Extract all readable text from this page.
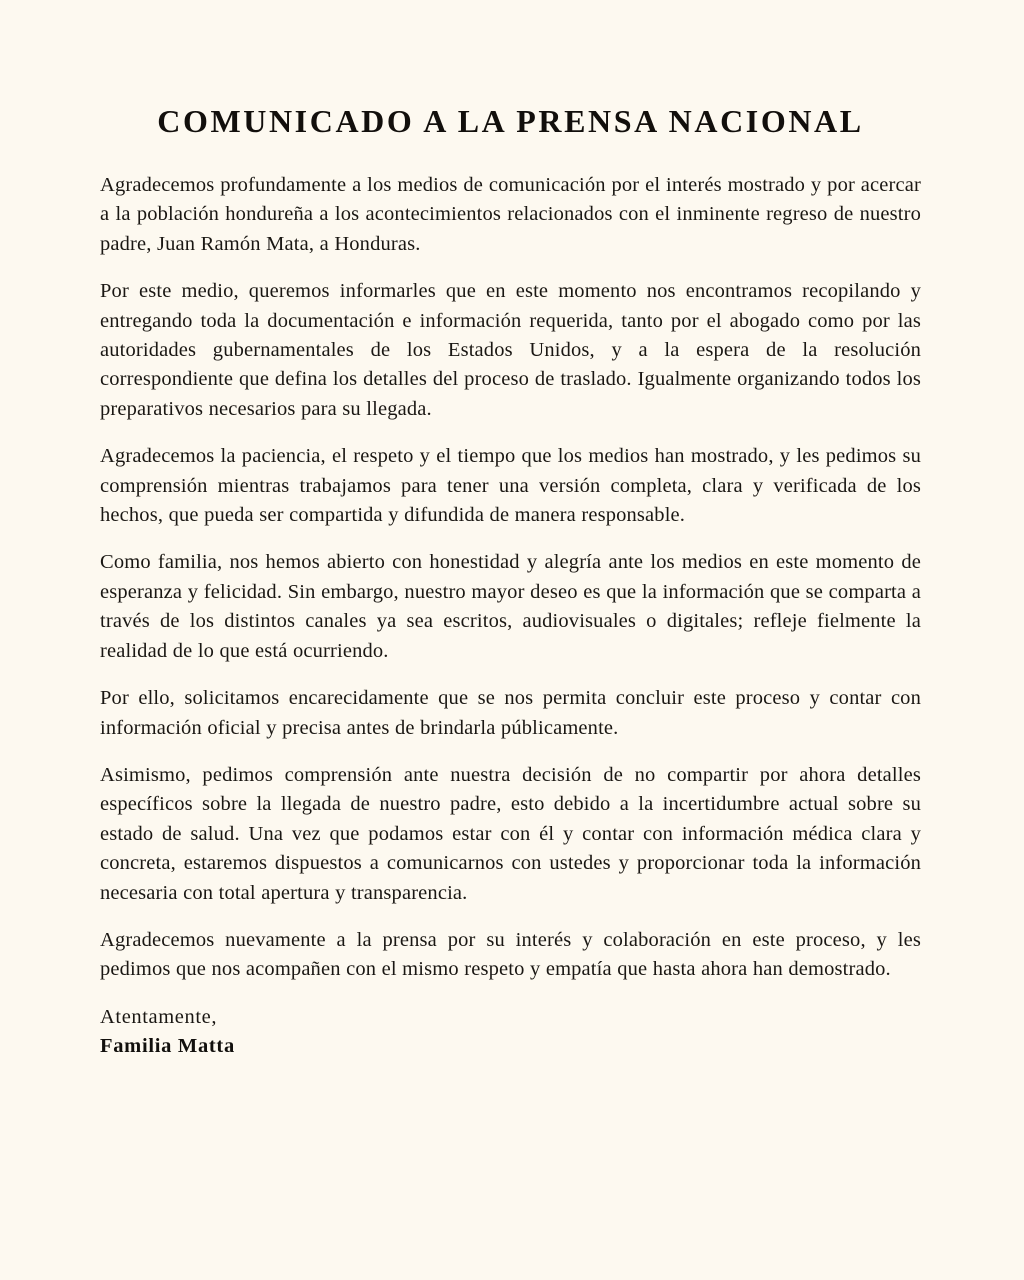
COMUNICADO A LA PRENSA NACIONAL

Agradecemos profundamente a los medios de comunicación por el interés mostrado y por acercar a la población hondureña a los acontecimientos relacionados con el inminente regreso de nuestro padre, Juan Ramón Mata, a Honduras.

Por este medio, queremos informarles que en este momento nos encontramos recopilando y entregando toda la documentación e información requerida, tanto por el abogado como por las autoridades gubernamentales de los Estados Unidos, y a la espera de la resolución correspondiente que defina los detalles del proceso de traslado. Igualmente organizando todos los preparativos necesarios para su llegada.

Agradecemos la paciencia, el respeto y el tiempo que los medios han mostrado, y les pedimos su comprensión mientras trabajamos para tener una versión completa, clara y verificada de los hechos, que pueda ser compartida y difundida de manera responsable.

Como familia, nos hemos abierto con honestidad y alegría ante los medios en este momento de esperanza y felicidad. Sin embargo, nuestro mayor deseo es que la información que se comparta a través de los distintos canales ya sea escritos, audiovisuales o digitales; refleje fielmente la realidad de lo que está ocurriendo.

Por ello, solicitamos encarecidamente que se nos permita concluir este proceso y contar con información oficial y precisa antes de brindarla públicamente.

Asimismo, pedimos comprensión ante nuestra decisión de no compartir por ahora detalles específicos sobre la llegada de nuestro padre, esto debido a la incertidumbre actual sobre su estado de salud. Una vez que podamos estar con él y contar con información médica clara y concreta, estaremos dispuestos a comunicarnos con ustedes y proporcionar toda la información necesaria con total apertura y transparencia.

Agradecemos nuevamente a la prensa por su interés y colaboración en este proceso, y les pedimos que nos acompañen con el mismo respeto y empatía que hasta ahora han demostrado.

Atentamente,

Familia Matta
